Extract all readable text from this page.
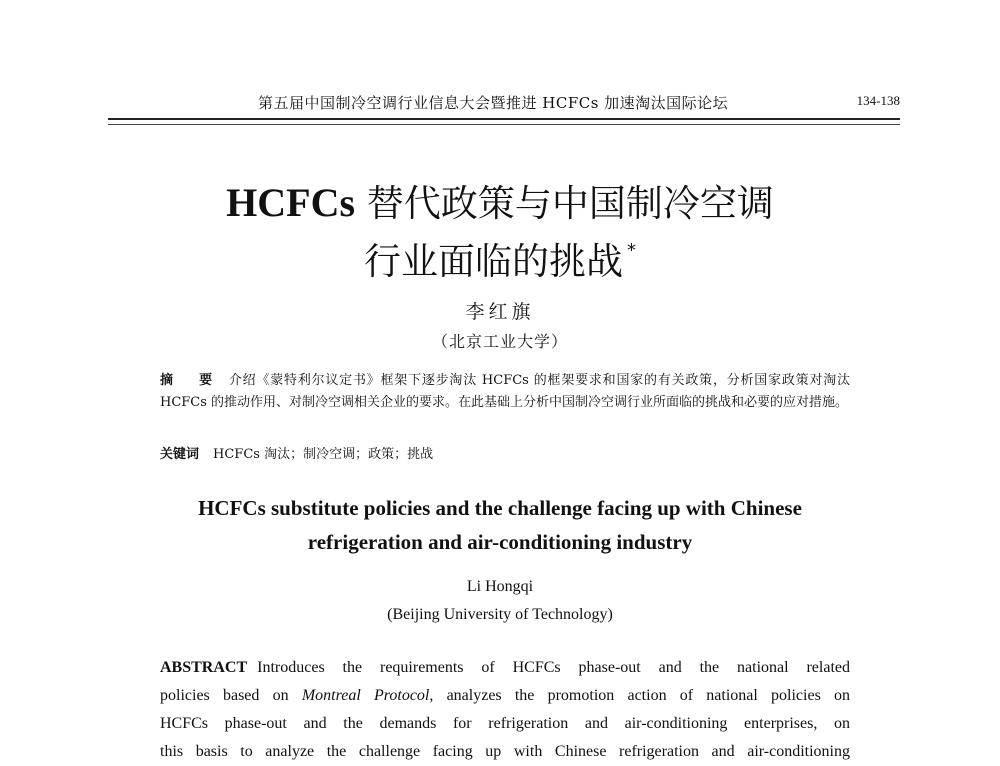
第五届中国制冷空调行业信息大会暨推进 HCFCs 加速淘汰国际论坛	134-138
HCFCs 替代政策与中国制冷空调
行业面临的挑战 *
李红旗
（北京工业大学）
摘 要 介绍《蒙特利尔议定书》框架下逐步淘汰 HCFCs 的框架要求和国家的有关政策，分析国家政策对淘汰 HCFCs 的推动作用、对制冷空调相关企业的要求。在此基础上分析中国制冷空调行业所面临的挑战和必要的应对措施。
关键词 HCFCs 淘汰；制冷空调；政策；挑战
HCFCs substitute policies and the challenge facing up with Chinese
refrigeration and air-conditioning industry
Li Hongqi
(Beijing University of Technology)
ABSTRACT Introduces the requirements of HCFCs phase-out and the national related
policies based on Montreal Protocol, analyzes the promotion action of national policies on
HCFCs phase-out and the demands for refrigeration and air-conditioning enterprises, on
this basis to analyze the challenge facing up with Chinese refrigeration and air-conditioning
